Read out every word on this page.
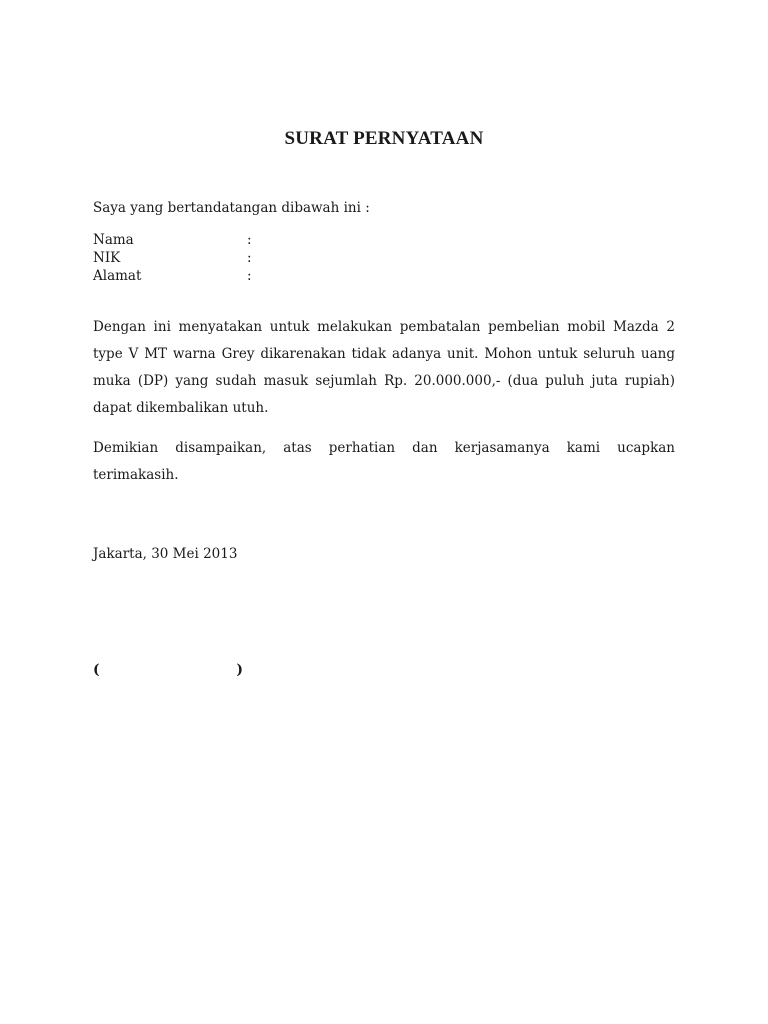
SURAT PERNYATAAN
Saya yang bertandatangan dibawah ini :
Nama	:
NIK	:
Alamat	:
Dengan ini menyatakan untuk melakukan pembatalan pembelian mobil Mazda 2 type V MT warna Grey dikarenakan tidak adanya unit. Mohon untuk seluruh uang muka (DP) yang sudah masuk sejumlah Rp. 20.000.000,- (dua puluh juta rupiah) dapat dikembalikan utuh.
Demikian disampaikan, atas perhatian dan kerjasamanya kami ucapkan terimakasih.
Jakarta, 30 Mei 2013
(	)
